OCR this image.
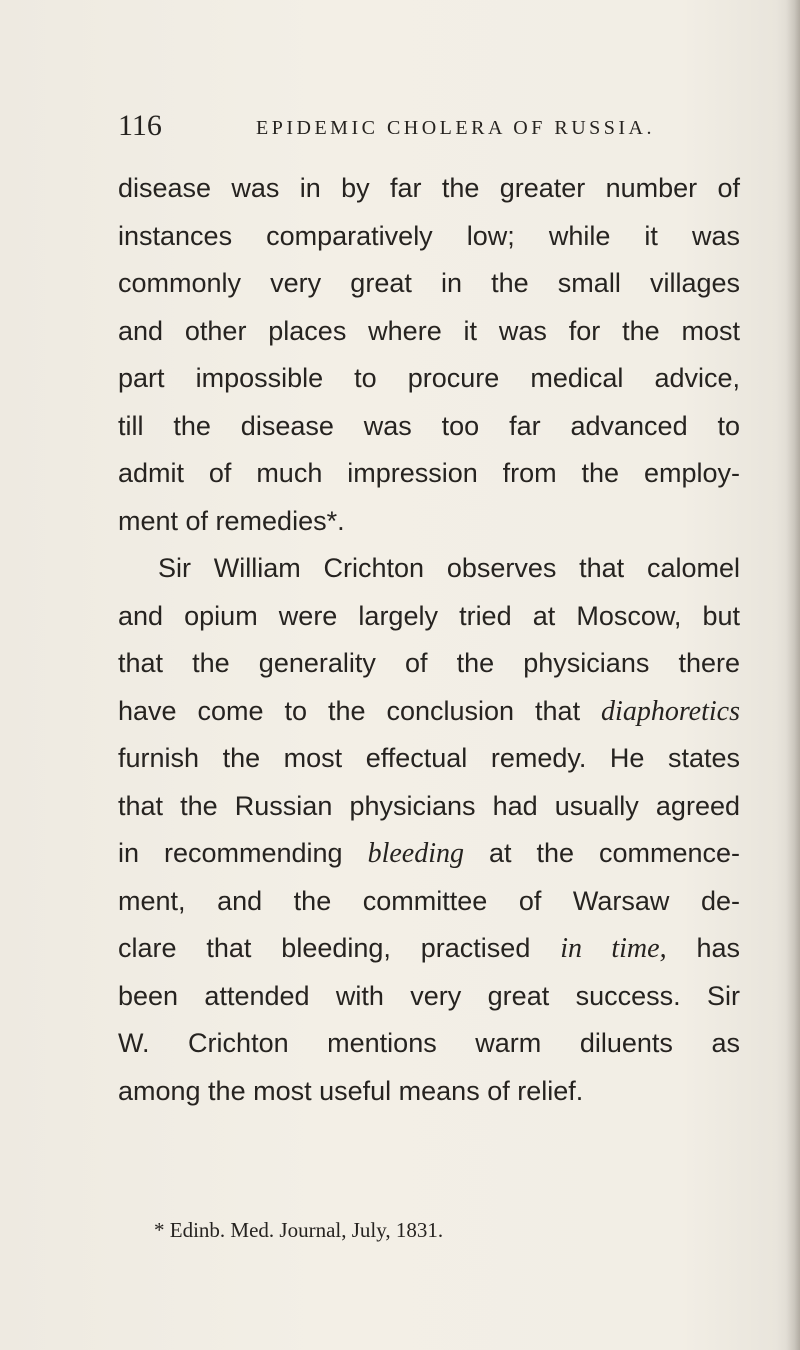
116	EPIDEMIC CHOLERA OF RUSSIA.
disease was in by far the greater number of
instances comparatively low; while it was
commonly very great in the small villages
and other places where it was for the most
part impossible to procure medical advice,
till the disease was too far advanced to
admit of much impression from the employ-
ment of remedies*.
Sir William Crichton observes that calomel
and opium were largely tried at Moscow, but
that the generality of the physicians there
have come to the conclusion that diaphoretics
furnish the most effectual remedy. He states
that the Russian physicians had usually agreed
in recommending bleeding at the commence-
ment, and the committee of Warsaw de-
clare that bleeding, practised in time, has
been attended with very great success. Sir
W. Crichton mentions warm diluents as
among the most useful means of relief.
* Edinb. Med. Journal, July, 1831.
